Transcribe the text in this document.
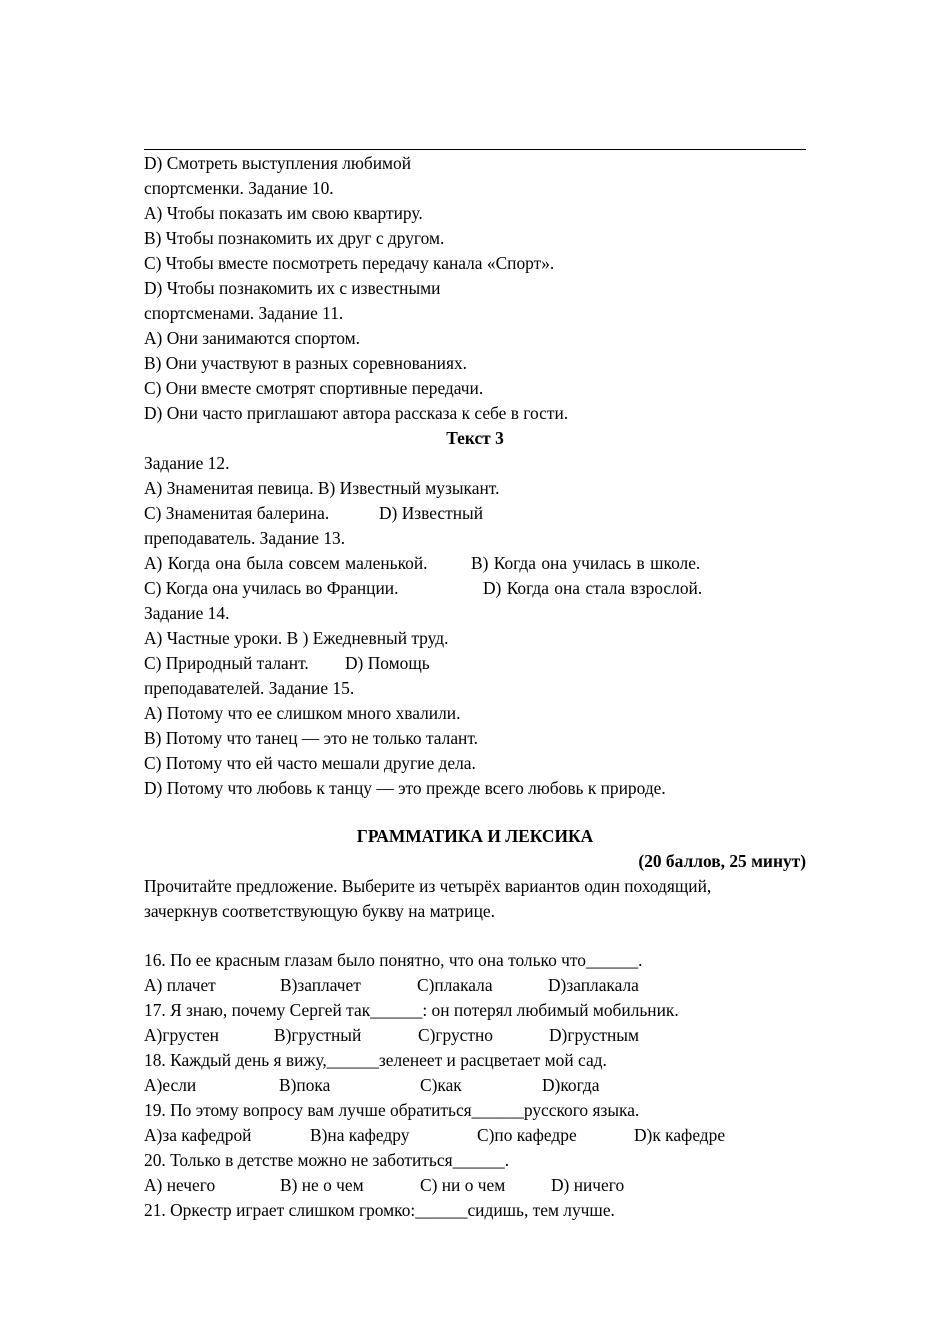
D) Смотреть выступления любимой
спортсменки. Задание 10.
A) Чтобы показать им свою квартиру.
B) Чтобы познакомить их друг с другом.
C) Чтобы вместе посмотреть передачу канала «Спорт».
D) Чтобы познакомить их с известными
спортсменами. Задание 11.
A) Они занимаются спортом.
B) Они участвуют в разных соревнованиях.
C) Они вместе смотрят спортивные передачи.
D) Они часто приглашают автора рассказа к себе в гости.
Текст 3
Задание 12.
A) Знаменитая певица. B) Известный музыкант.
C) Знаменитая балерина.	D) Известный
преподаватель. Задание 13.
A) Когда она была совсем маленькой.	B) Когда она училась в школе.
C) Когда она училась во Франции.	D) Когда она стала взрослой.
Задание 14.
A) Частные уроки. B ) Ежедневный труд.
C) Природный талант. D) Помощь
преподавателей. Задание 15.
A) Потому что ее слишком много хвалили.
B) Потому что танец — это не только талант.
C) Потому что ей часто мешали другие дела.
D) Потому что любовь к танцу — это прежде всего любовь к природе.
ГРАММАТИКА И ЛЕКСИКА
(20 баллов, 25 минут)
Прочитайте предложение. Выберите из четырёх вариантов один походящий,
зачеркнув соответствующую букву на матрице.
16. По ее красным глазам было понятно, что она только что______.
A) плачет	B)заплачет	C)плакала	D)заплакала
17. Я знаю, почему Сергей так______: он потерял любимый мобильник.
A)грустен	B)грустный	C)грустно	D)грустным
18. Каждый день я вижу,______зеленеет и расцветает мой сад.
A)если	B)пока	C)как	D)когда
19. По этому вопросу вам лучше обратиться______русского языка.
A)за кафедрой	B)на кафедру	C)по кафедре	D)к кафедре
20. Только в детстве можно не заботиться______.
A) нечего	B) не о чем	C) ни о чем	D) ничего
21. Оркестр играет слишком громко:______сидишь, тем лучше.
